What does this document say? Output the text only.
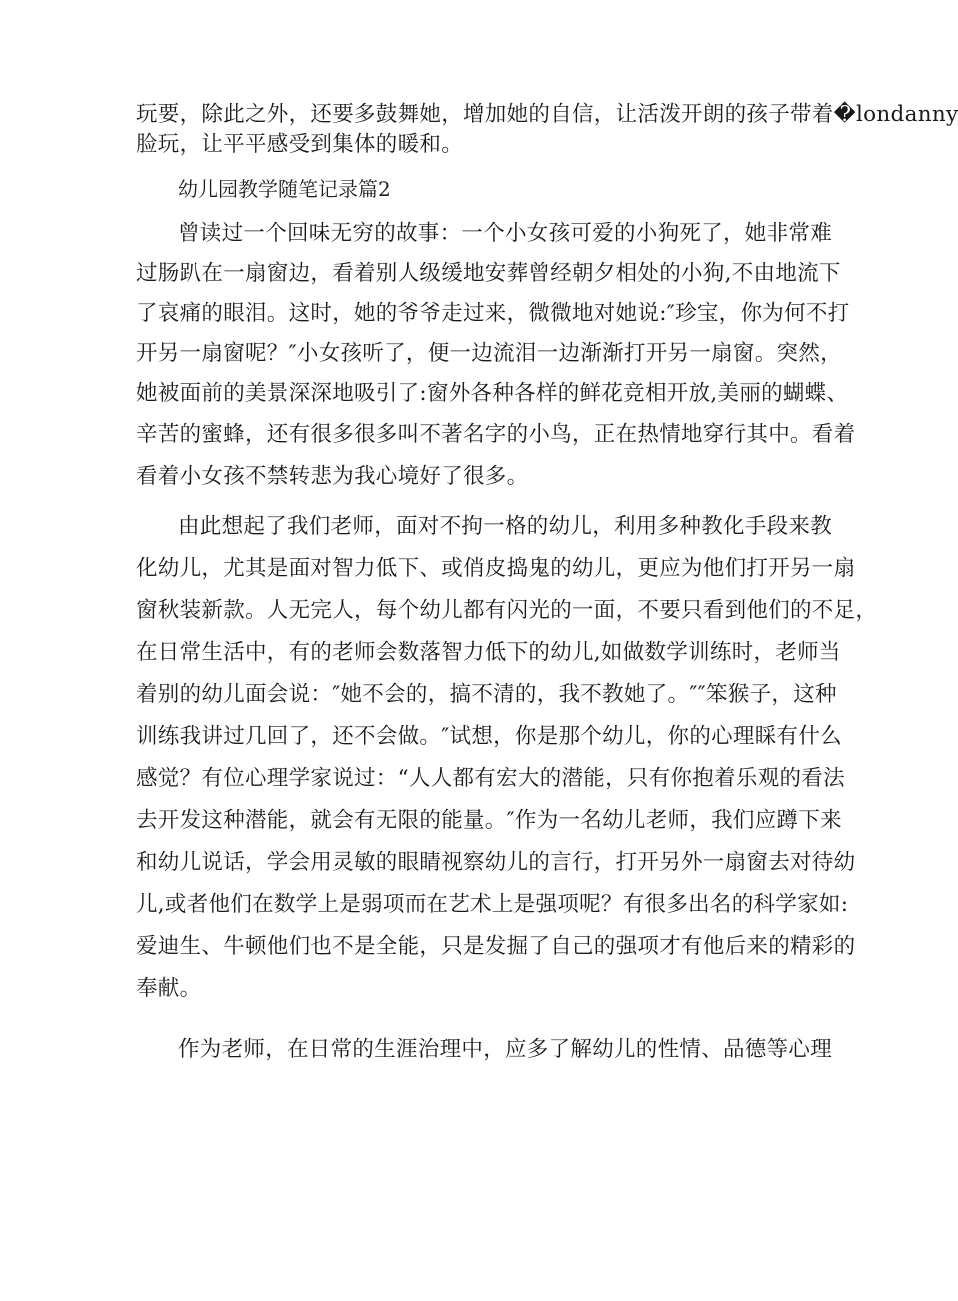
玩要，除此之外，还要多鼓舞她，增加她的自信，让活泼开朗的孩子带着�londanny
脸玩，让平平感受到集体的暖和。
幼儿园教学随笔记录篇2
曾读过一个回味无穷的故事：一个小女孩可爱的小狗死了，她非常难
过肠趴在一扇窗边，看着别人级缓地安葬曾经朝夕相处的小狗,不由地流下
了哀痛的眼泪。这时，她的爷爷走过来，微微地对她说:″珍宝，你为何不打
开另一扇窗呢？″小女孩听了，便一边流泪一边渐渐打开另一扇窗。突然，
她被面前的美景深深地吸引了:窗外各种各样的鲜花竞相开放,美丽的蝴蝶、
辛苦的蜜蜂，还有很多很多叫不著名字的小鸟，正在热情地穿行其中。看着
看着小女孩不禁转悲为我心境好了很多。
由此想起了我们老师，面对不拘一格的幼儿，利用多种教化手段来教
化幼儿，尤其是面对智力低下、或俏皮捣鬼的幼儿，更应为他们打开另一扇
窗秋装新款。人无完人，每个幼儿都有闪光的一面，不要只看到他们的不足，
在日常生活中，有的老师会数落智力低下的幼儿,如做数学训练时，老师当
着别的幼儿面会说：″她不会的，搞不清的，我不教她了。″″笨猴子，这种
训练我讲过几回了，还不会做。″试想，你是那个幼儿，你的心理睬有什么
感觉？有位心理学家说过：“人人都有宏大的潜能，只有你抱着乐观的看法
去开发这种潜能，就会有无限的能量。″作为一名幼儿老师，我们应蹲下来
和幼儿说话，学会用灵敏的眼睛视察幼儿的言行，打开另外一扇窗去对待幼
儿,或者他们在数学上是弱项而在艺术上是强项呢？有很多出名的科学家如:
爱迪生、牛顿他们也不是全能，只是发掘了自己的强项才有他后来的精彩的
奉献。
作为老师，在日常的生涯治理中，应多了解幼儿的性情、品德等心理
